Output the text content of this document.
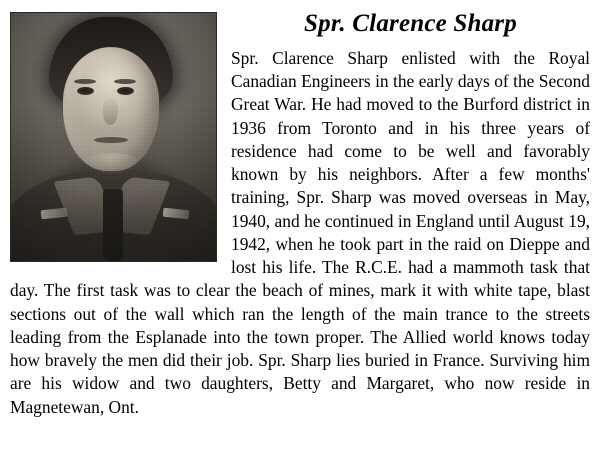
Spr. Clarence Sharp

Spr. Clarence Sharp enlisted with the Royal Canadian Engineers in the early days of the Second Great War. He had moved to the Burford district in 1936 from Toronto and in his three years of residence had come to be well and favorably known by his neighbors. After a few months' training, Spr. Sharp was moved overseas in May, 1940, and he continued in England until August 19, 1942, when he took part in the raid on Dieppe and lost his life. The R.C.E. had a mammoth task that day. The first task was to clear the beach of mines, mark it with white tape, blast sections out of the wall which ran the length of the main trance to the streets leading from the Esplanade into the town proper. The Allied world knows today how bravely the men did their job. Spr. Sharp lies buried in France. Surviving him are his widow and two daughters, Betty and Margaret, who now reside in Magnetewan, Ont.
